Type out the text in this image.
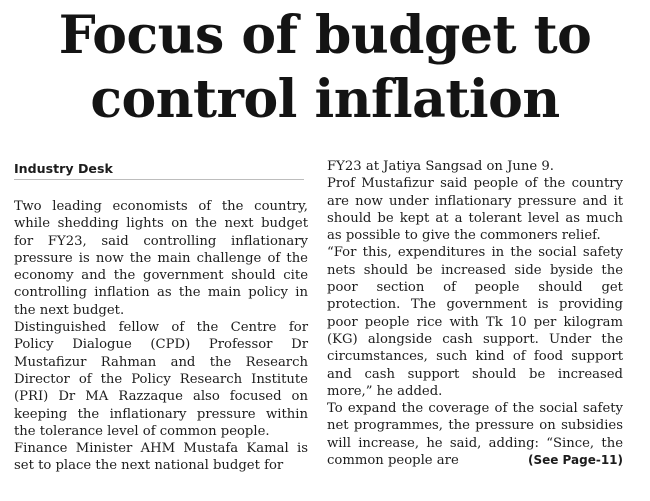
Focus of budget to
control inflation
Industry Desk

Two leading economists of the country, while shedding lights on the next budget for FY23, said controlling inflationary pressure is now the main challenge of the economy and the government should cite controlling inflation as the main policy in the next budget.

Distinguished fellow of the Centre for Policy Dialogue (CPD) Professor Dr Mustafizur Rahman and the Research Director of the Policy Research Institute (PRI) Dr MA Razzaque also focused on keeping the inflationary pressure within the tolerance level of common people.

Finance Minister AHM Mustafa Kamal is set to place the next national budget for

FY23 at Jatiya Sangsad on June 9.

Prof Mustafizur said people of the country are now under inflationary pressure and it should be kept at a tolerant level as much as possible to give the commoners relief.

“For this, expenditures in the social safety nets should be increased side byside the poor section of people should get protection. The government is providing poor people rice with Tk 10 per kilogram (KG) alongside cash support. Under the circumstances, such kind of food support and cash support should be increased more,” he added.

To expand the coverage of the social safety net programmes, the pressure on subsidies will increase, he said, adding: “Since, the common people are	(See Page-11)
